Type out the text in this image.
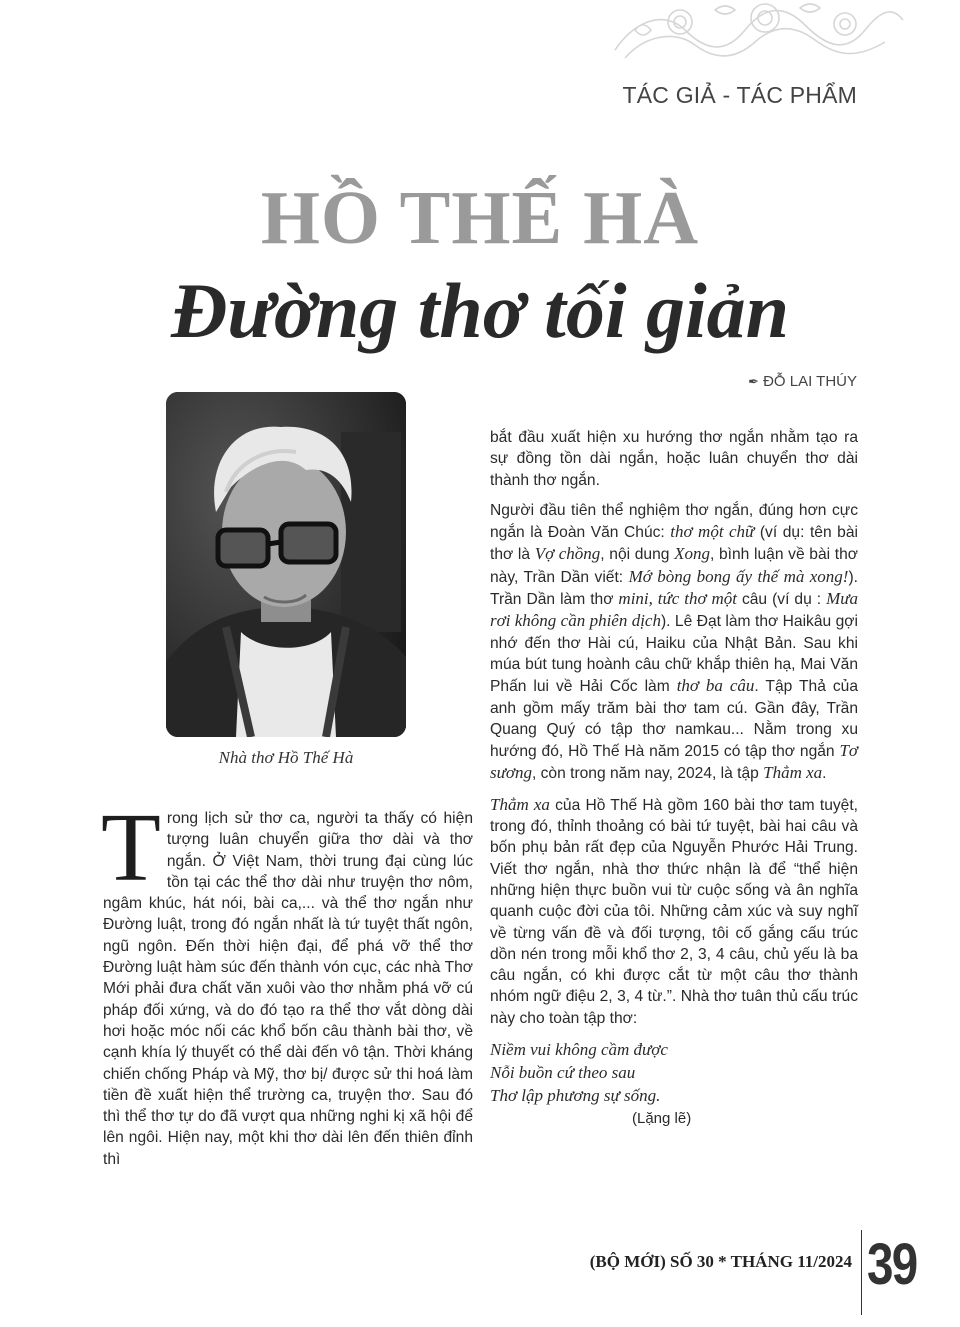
TÁC GIẢ - TÁC PHẨM
HỒ THẾ HÀ
Đường thơ tối giản
✒ ĐỖ LAI THÚY
Nhà thơ Hồ Thế Hà

Trong lịch sử thơ ca, người ta thấy có hiện tượng luân chuyển giữa thơ dài và thơ ngắn. Ở Việt Nam, thời trung đại cùng lúc tồn tại các thể thơ dài như truyện thơ nôm, ngâm khúc, hát nói, bài ca,... và thể thơ ngắn như Đường luật, trong đó ngắn nhất là tứ tuyệt thất ngôn, ngũ ngôn. Đến thời hiện đại, để phá vỡ thể thơ Đường luật hàm súc đến thành vón cục, các nhà Thơ Mới phải đưa chất văn xuôi vào thơ nhằm phá vỡ cú pháp đối xứng, và do đó tạo ra thể thơ vắt dòng dài hơi hoặc móc nối các khổ bốn câu thành bài thơ, về cạnh khía lý thuyết có thể dài đến vô tận. Thời kháng chiến chống Pháp và Mỹ, thơ bị/ được sử thi hoá làm tiền đề xuất hiện thể trường ca, truyện thơ. Sau đó thì thể thơ tự do đã vượt qua những nghi kị xã hội để lên ngôi. Hiện nay, một khi thơ dài lên đến thiên đỉnh thì

bắt đầu xuất hiện xu hướng thơ ngắn nhằm tạo ra sự đồng tồn dài ngắn, hoặc luân chuyển thơ dài thành thơ ngắn.

Người đầu tiên thể nghiệm thơ ngắn, đúng hơn cực ngắn là Đoàn Văn Chúc: thơ một chữ (ví dụ: tên bài thơ là Vợ chồng, nội dung Xong, bình luận về bài thơ này, Trần Dần viết: Mớ bòng bong ấy thế mà xong!). Trần Dần làm thơ mini, tức thơ một câu (ví dụ : Mưa rơi không cần phiên dịch). Lê Đạt làm thơ Haikâu gợi nhớ đến thơ Hài cú, Haiku của Nhật Bản. Sau khi múa bút tung hoành câu chữ khắp thiên hạ, Mai Văn Phấn lui về Hải Cốc làm thơ ba câu. Tập Thả của anh gồm mấy trăm bài thơ tam cú. Gần đây, Trần Quang Quý có tập thơ namkau... Nằm trong xu hướng đó, Hồ Thế Hà năm 2015 có tập thơ ngắn Tơ sương, còn trong năm nay, 2024, là tập Thẳm xa.

Thẳm xa của Hồ Thế Hà gồm 160 bài thơ tam tuyệt, trong đó, thỉnh thoảng có bài tứ tuyệt, bài hai câu và bốn phụ bản rất đẹp của Nguyễn Phước Hải Trung. Viết thơ ngắn, nhà thơ thức nhận là để “thể hiện những hiện thực buồn vui từ cuộc sống và ân nghĩa quanh cuộc đời của tôi. Những cảm xúc và suy nghĩ về từng vấn đề và đối tượng, tôi cố gắng cấu trúc dồn nén trong mỗi khổ thơ 2, 3, 4 câu, chủ yếu là ba câu ngắn, có khi được cắt từ một câu thơ thành nhóm ngữ điệu 2, 3, 4 từ.”. Nhà thơ tuân thủ cấu trúc này cho toàn tập thơ:

Niềm vui không cầm được
Nỗi buồn cứ theo sau
Thơ lập phương sự sống.
(Lặng lẽ)
(BỘ MỚI) SỐ 30 * THÁNG 11/2024 39
